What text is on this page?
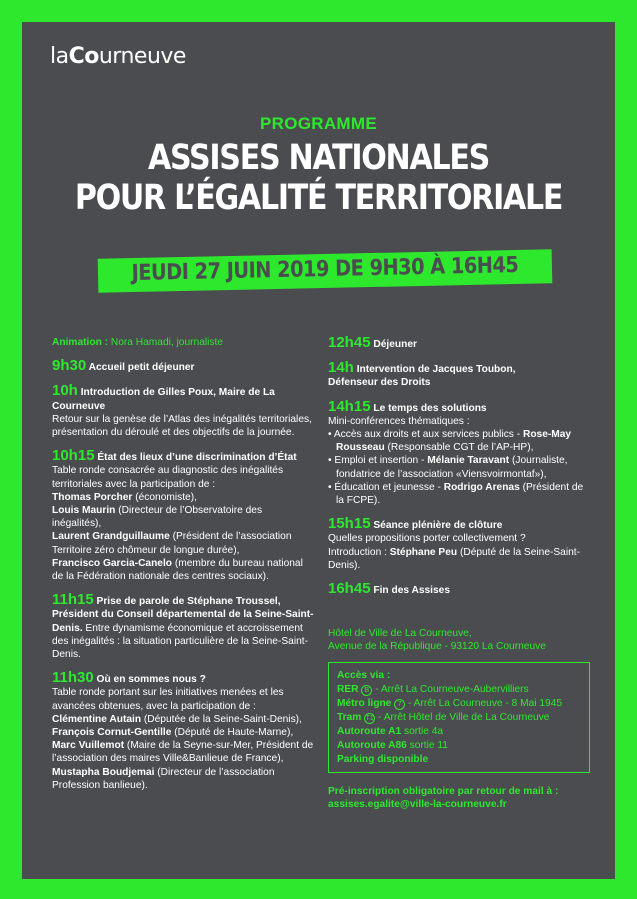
laCourneuve
PROGRAMME
ASSISES NATIONALES
POUR L’ÉGALITÉ TERRITORIALE
JEUDI 27 JUIN 2019 DE 9H30 À 16H45
Animation : Nora Hamadi, journaliste
9h30 Accueil petit déjeuner
10h Introduction de Gilles Poux, Maire de La Courneuve
Retour sur la genèse de l’Atlas des inégalités territoriales, présentation du déroulé et des objectifs de la journée.
10h15 État des lieux d’une discrimination d’État
Table ronde consacrée au diagnostic des inégalités territoriales avec la participation de :
Thomas Porcher (économiste),
Louis Maurin (Directeur de l’Observatoire des inégalités),
Laurent Grandguillaume (Président de l’association Territoire zéro chômeur de longue durée),
Francisco Garcia-Canelo (membre du bureau national de la Fédération nationale des centres sociaux).
11h15 Prise de parole de Stéphane Troussel,
Président du Conseil départemental de la Seine-Saint-Denis. Entre dynamisme économique et accroissement des inégalités : la situation particulière de la Seine-Saint-Denis.
11h30 Où en sommes nous ?
Table ronde portant sur les initiatives menées et les avancées obtenues, avec la participation de :
Clémentine Autain (Députée de la Seine-Saint-Denis),
François Cornut-Gentille (Député de Haute-Marne),
Marc Vuillemot (Maire de la Seyne-sur-Mer, Président de l’association des maires Ville&Banlieue de France),
Mustapha Boudjemai (Directeur de l’association Profession banlieue).
12h45 Déjeuner
14h Intervention de Jacques Toubon,
Défenseur des Droits
14h15 Le temps des solutions
Mini-conférences thématiques :
• Accès aux droits et aux services publics - Rose-May Rousseau (Responsable CGT de l’AP-HP),
• Emploi et insertion - Mélanie Taravant (Journaliste, fondatrice de l’association «Viensvoirmontaf»),
• Éducation et jeunesse - Rodrigo Arenas (Président de la FCPE).
15h15 Séance plénière de clôture
Quelles propositions porter collectivement ?
Introduction : Stéphane Peu (Député de la Seine-Saint-Denis).
16h45 Fin des Assises
Hôtel de Ville de La Courneuve,
Avenue de la République - 93120 La Courneuve
Accès via :
RER B - Arrêt La Courneuve-Aubervilliers
Métro ligne 7 - Arrêt La Courneuve - 8 Mai 1945
Tram T1 - Arrêt Hôtel de Ville de La Courneuve
Autoroute A1 sortie 4a
Autoroute A86 sortie 11
Parking disponible
Pré-inscription obligatoire par retour de mail à :
assises.egalite@ville-la-courneuve.fr
